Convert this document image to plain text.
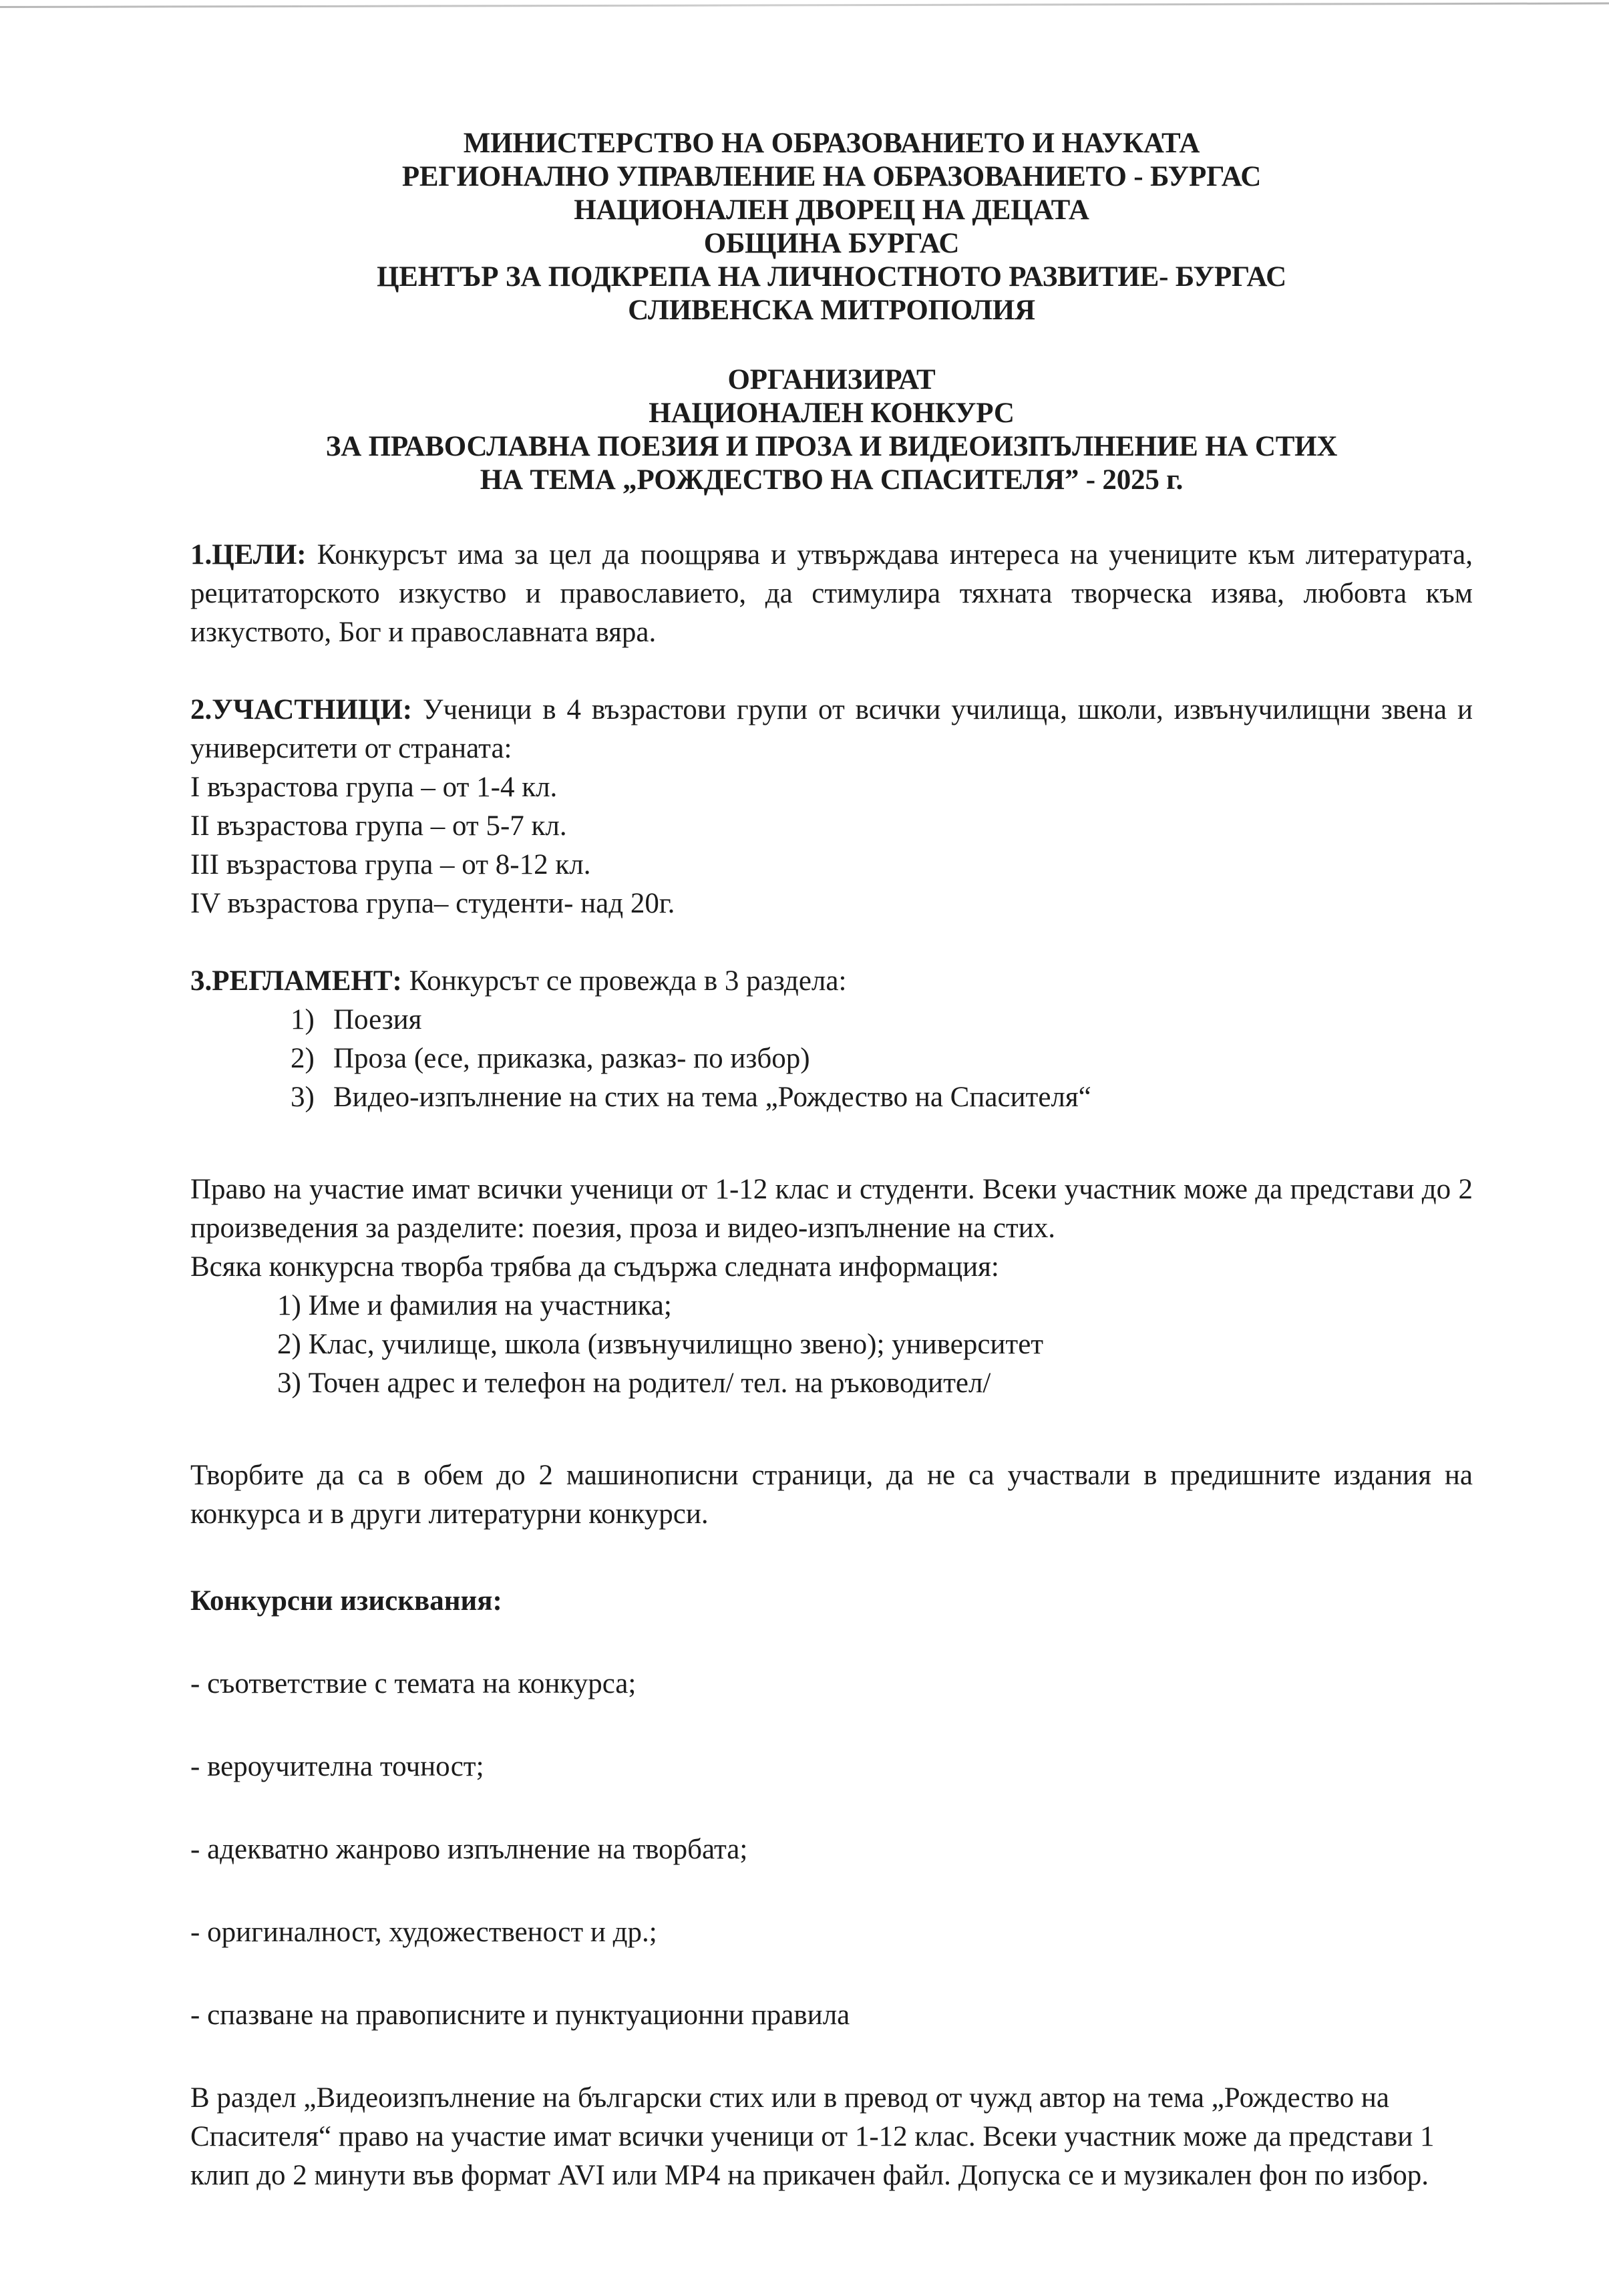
МИНИСТЕРСТВО НА ОБРАЗОВАНИЕТО И НАУКАТА
РЕГИОНАЛНО УПРАВЛЕНИЕ НА ОБРАЗОВАНИЕТО - БУРГАС
НАЦИОНАЛЕН ДВОРЕЦ НА ДЕЦАТА
ОБЩИНА БУРГАС
ЦЕНТЪР ЗА ПОДКРЕПА НА ЛИЧНОСТНОТО РАЗВИТИЕ- БУРГАС
СЛИВЕНСКА МИТРОПОЛИЯ
ОРГАНИЗИРАТ
НАЦИОНАЛЕН КОНКУРС
ЗА ПРАВОСЛАВНА ПОЕЗИЯ И ПРОЗА И ВИДЕОИЗПЪЛНЕНИЕ НА СТИХ
НА ТЕМА „РОЖДЕСТВО НА СПАСИТЕЛЯ” - 2025 г.
1.ЦЕЛИ: Конкурсът има за цел да поощрява и утвърждава интереса на учениците към литературата, рецитаторското изкуство и православието, да стимулира тяхната творческа изява, любовта към изкуството, Бог и православната вяра.
2.УЧАСТНИЦИ: Ученици в 4 възрастови групи от всички училища, школи, извънучилищни звена и университети от страната:
I възрастова група – от 1-4 кл.
II възрастова група – от 5-7 кл.
III възрастова група – от 8-12 кл.
IV възрастова група– студенти- над 20г.
3.РЕГЛАМЕНТ: Конкурсът се провежда в 3 раздела:
1) Поезия
2) Проза (есе, приказка, разказ- по избор)
3) Видео-изпълнение на стих на тема „Рождество на Спасителя“
Право на участие имат всички ученици от 1-12 клас и студенти. Всеки участник може да представи до 2 произведения за разделите: поезия, проза и видео-изпълнение на стих.
Всяка конкурсна творба трябва да съдържа следната информация:
1) Име и фамилия на участника;
2) Клас, училище, школа (извънучилищно звено); университет
3) Точен адрес и телефон на родител/ тел. на ръководител/
Творбите да са в обем до 2 машинописни страници, да не са участвали в предишните издания на конкурса и в други литературни конкурси.
Конкурсни изисквания:
- съответствие с темата на конкурса;
- вероучителна точност;
- адекватно жанрово изпълнение на творбата;
- оригиналност, художественост и др.;
- спазване на правописните и пунктуационни правила
В раздел „Видеоизпълнение на български стих или в превод от чужд автор на тема „Рождество на Спасителя“ право на участие имат всички ученици от 1-12 клас. Всеки участник може да представи 1 клип до 2 минути във формат AVI или MP4 на прикачен файл. Допуска се и музикален фон по избор.
